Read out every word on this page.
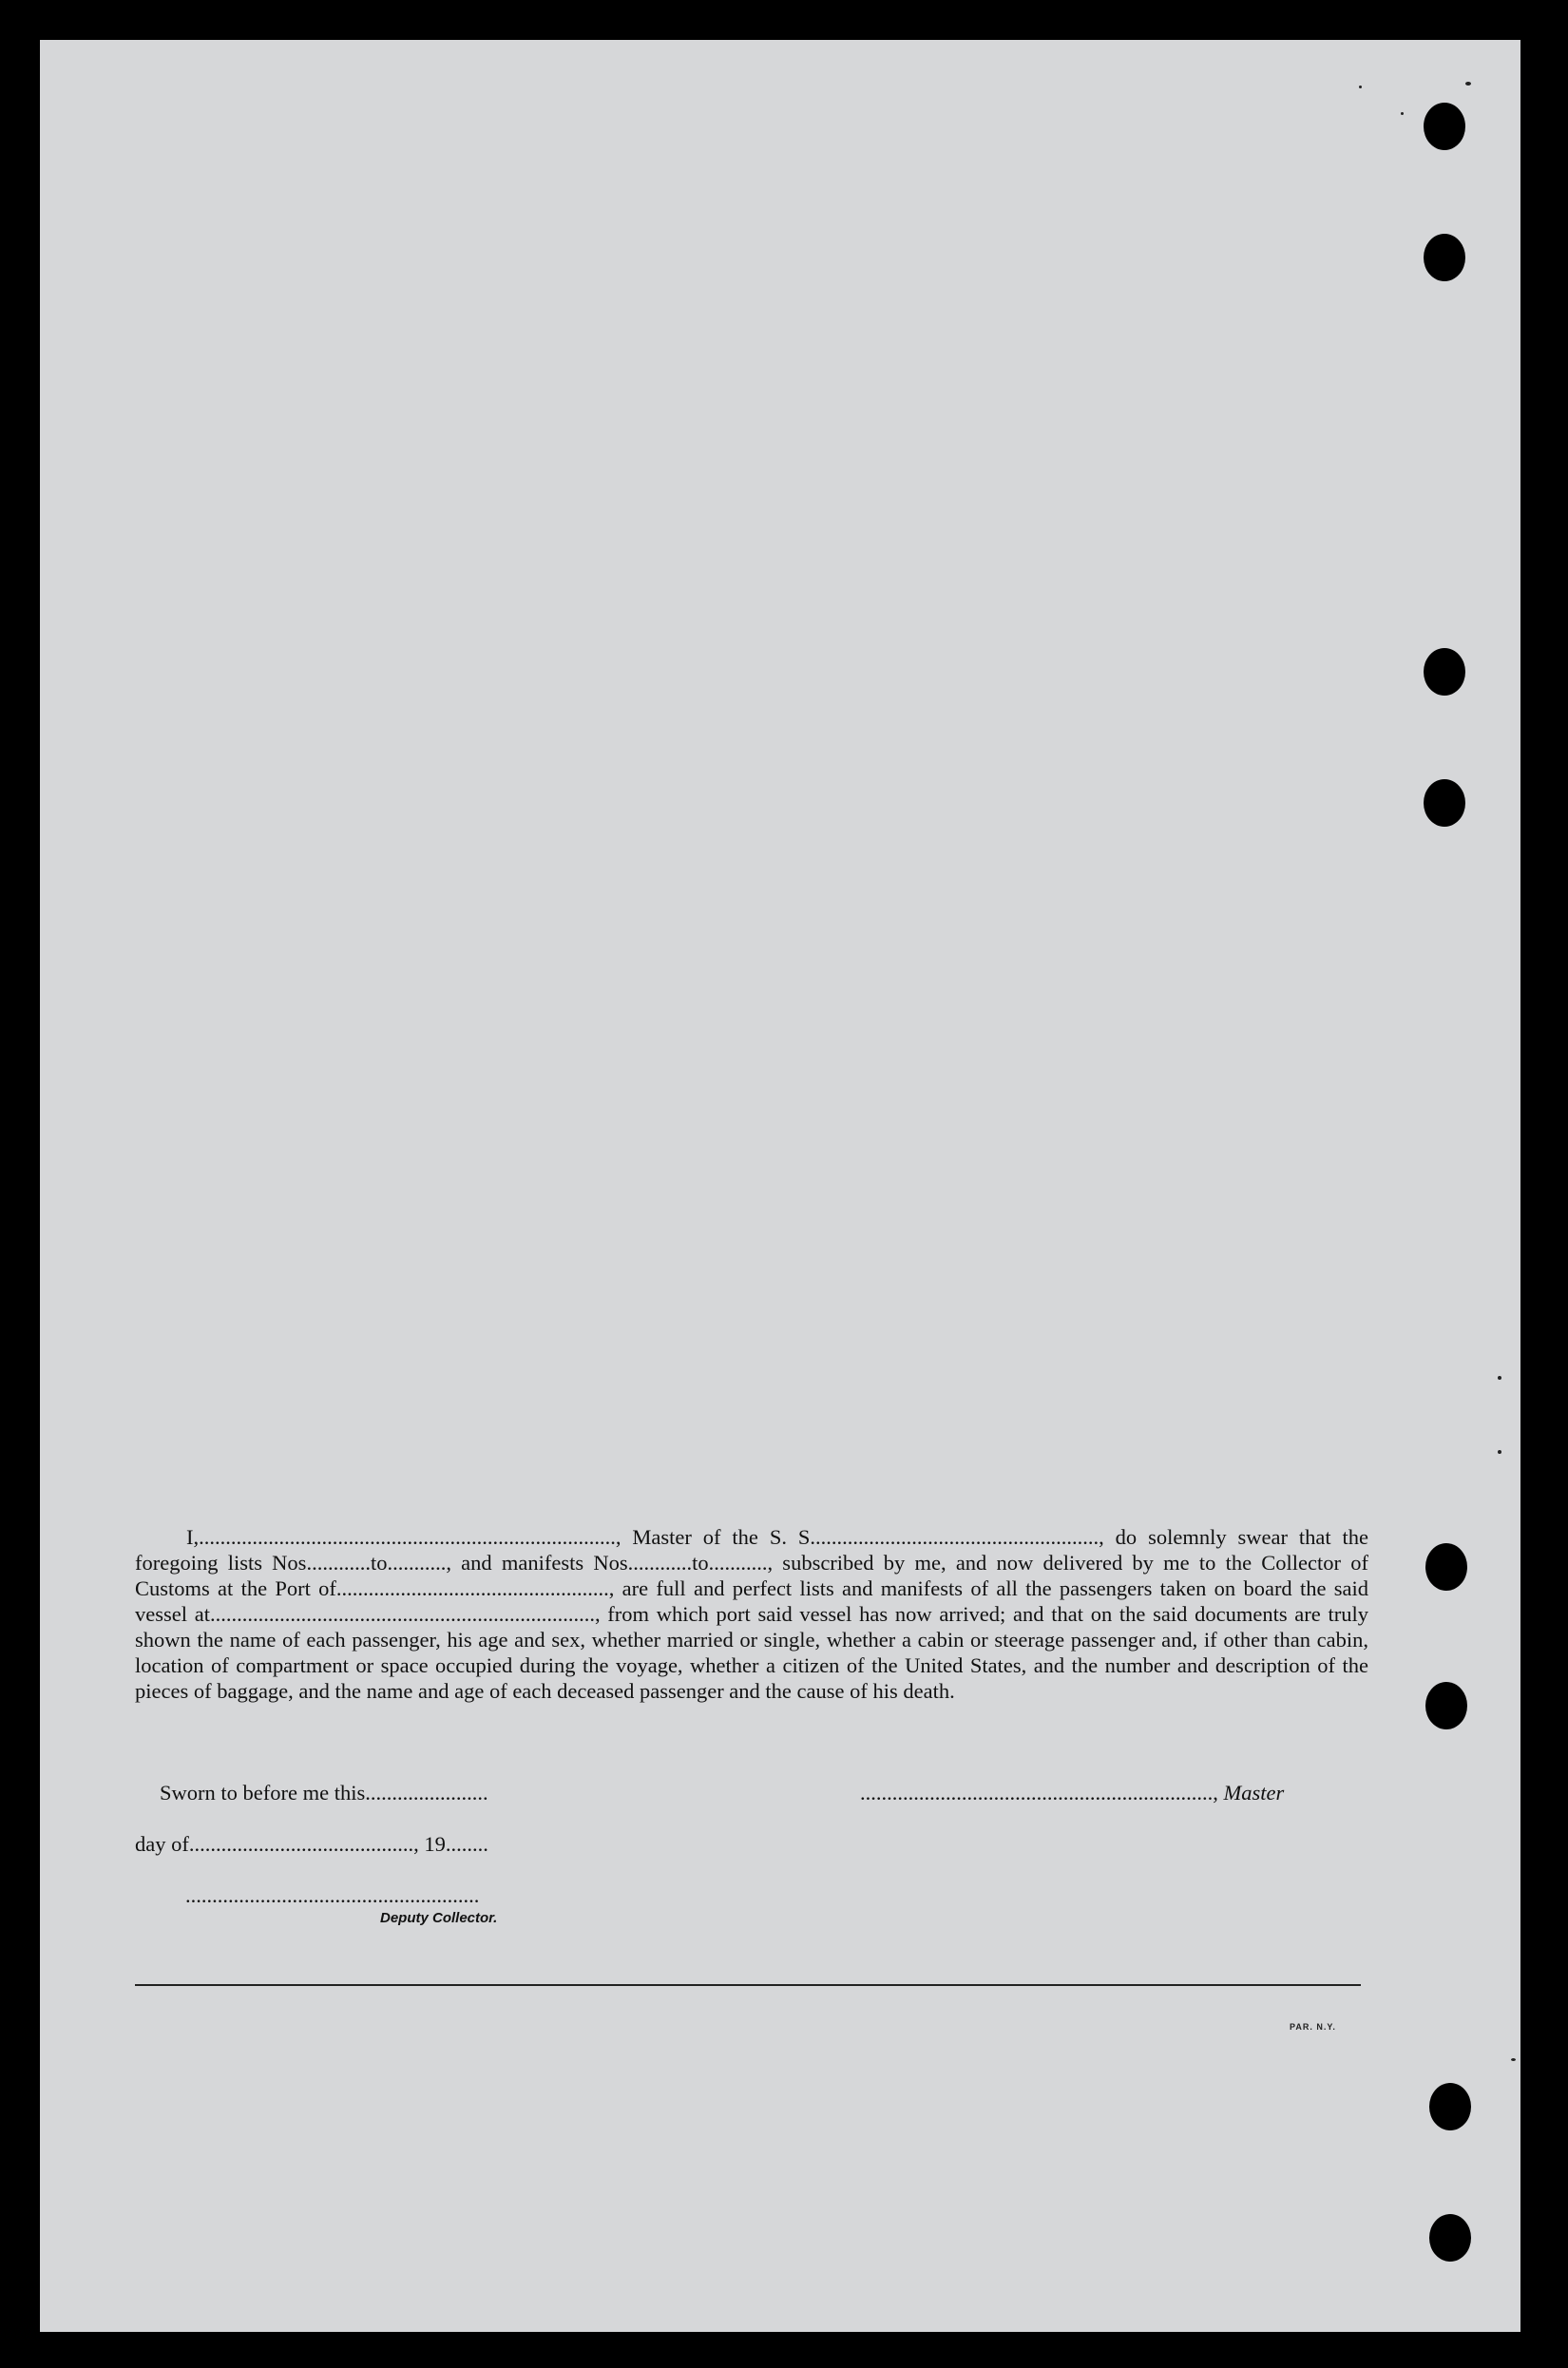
I,.............................................................................., Master of the S. S......................................................, do solemnly swear that the foregoing lists Nos............to..........., and manifests Nos............to..........., subscribed by me, and now delivered by me to the Collector of Customs at the Port of..................................................., are full and perfect lists and manifests of all the passengers taken on board the said vessel at........................................................................, from which port said vessel has now arrived; and that on the said documents are truly shown the name of each passenger, his age and sex, whether married or single, whether a cabin or steerage passenger and, if other than cabin, location of compartment or space occupied during the voyage, whether a citizen of the United States, and the number and description of the pieces of baggage, and the name and age of each deceased passenger and the cause of his death.

Sworn to before me this.......................	.................................................................., Master
day of.........................................., 19........
.......................................................
Deputy Collector.
PAR. N.Y.
